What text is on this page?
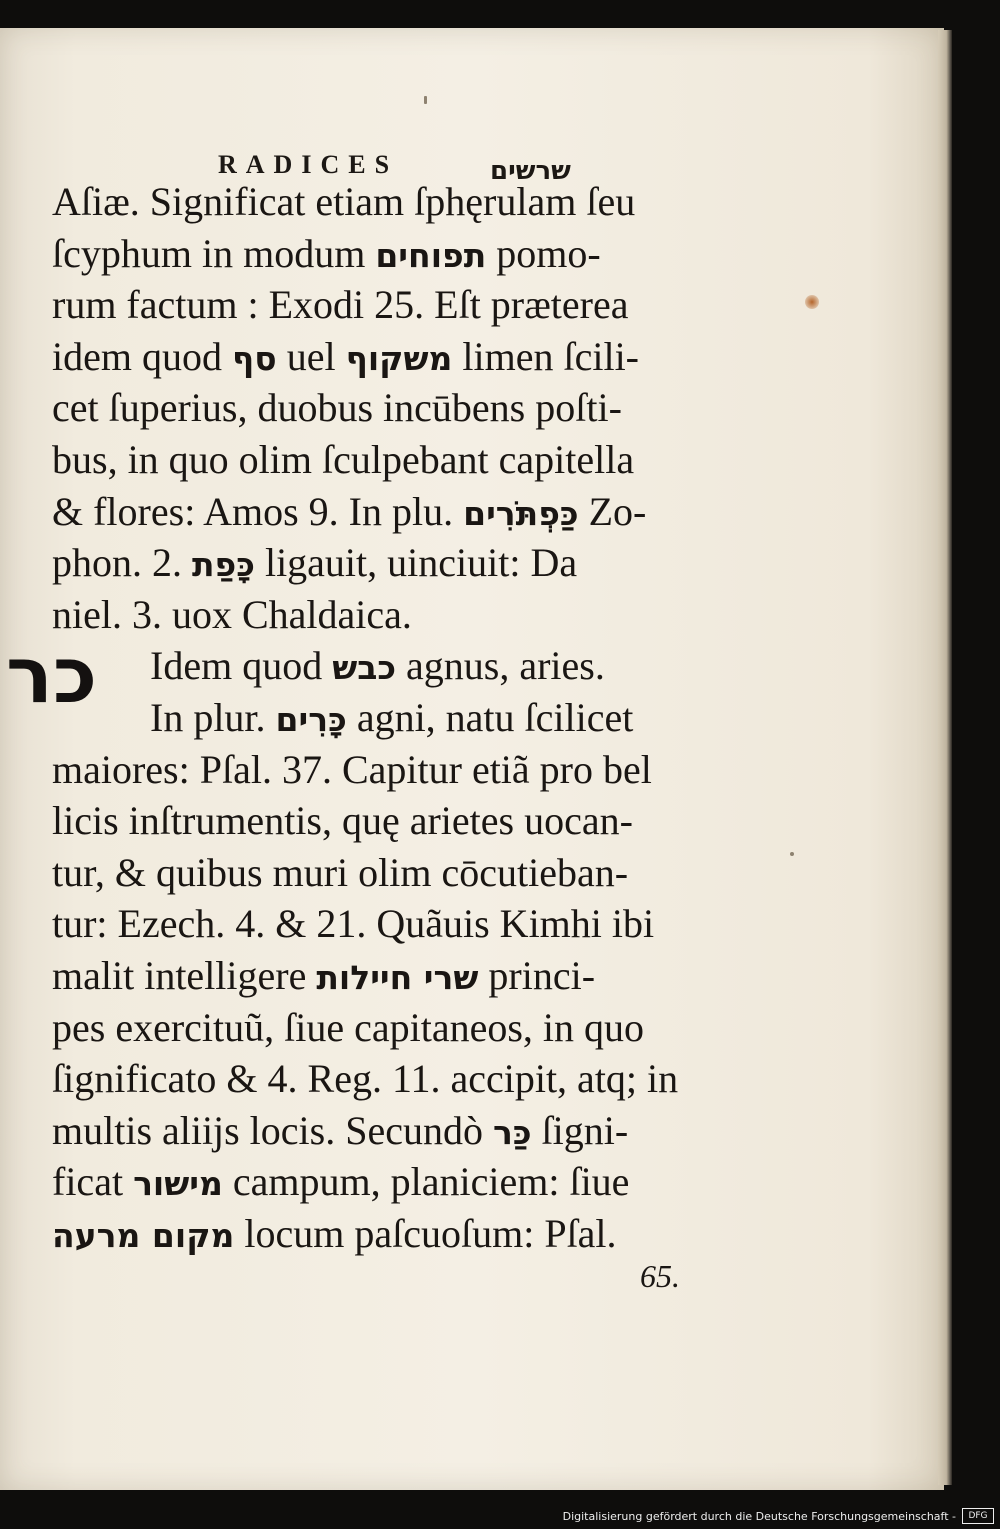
RADICES	שרשים
כר
Aſiæ. Significat etiam ſphęrulam ſeu
ſcyphum in modum תפוחים pomo-
rum factum : Exodi 25. Eſt præterea
idem quod סף uel משקוף limen ſcili-
cet ſuperius, duobus incūbens poſti-
bus, in quo olim ſculpebant capitella
& flores: Amos 9. In plu. כַּפְתֹּרִים Zo-
phon. 2. כָּפַת ligauit, uinciuit: Da
niel. 3. uox Chaldaica.
Idem quod כבש agnus, aries.
In plur. כָּרִים agni, natu ſcilicet
maiores: Pſal. 37. Capitur etiã pro bel
licis inſtrumentis, quę arietes uocan-
tur, & quibus muri olim cōcutieban-
tur: Ezech. 4. & 21. Quãuis Kimhi ibi
malit intelligere שרי חיילות princi-
pes exercituũ, ſiue capitaneos, in quo
ſignificato & 4. Reg. 11. accipit, atq; in
multis aliĳs locis. Secundò כַּר ſigni-
ficat מישור campum, planiciem: ſiue
מקום מרעה locum paſcuoſum: Pſal.
65.
Digitalisierung gefördert durch die Deutsche Forschungsgemeinschaft -	DFG
